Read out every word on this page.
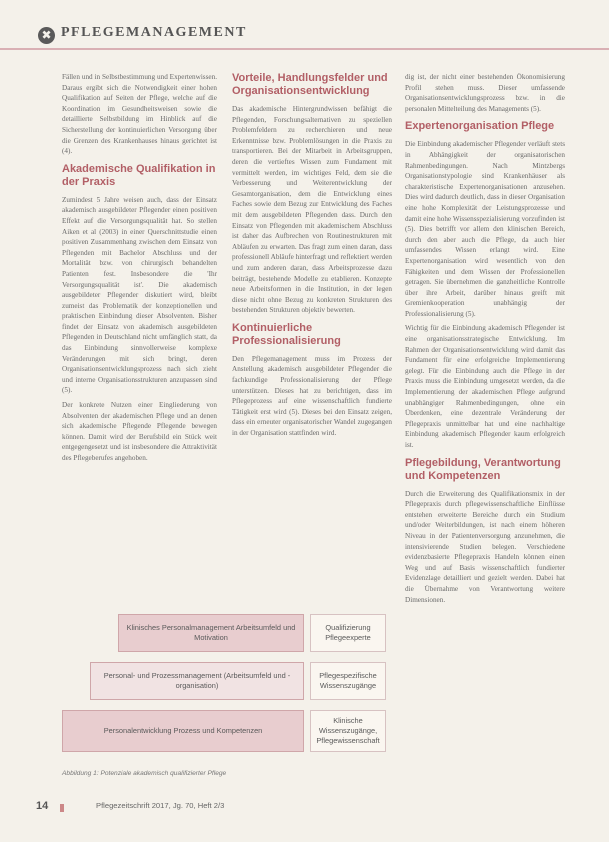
✖ PFLEGEMANAGEMENT

Fällen und in Selbstbestimmung und Expertenwissen. Daraus ergibt sich die Notwendigkeit einer hohen Qualifikation auf Seiten der Pflege, welche auf die Koordination im Gesundheitsweisen sowie die detaillierte Selbstbildung im Hinblick auf die Sicherstellung der kontinuierlichen Versorgung über die Grenzen des Krankenhauses hinaus gerichtet ist (4).

Akademische Qualifikation in der Praxis

Zumindest 5 Jahre weisen auch, dass der Einsatz akademisch ausgebildeter Pflegender einen positiven Effekt auf die Versorgungsqualität hat. So stellen Aiken et al (2003) in einer Querschnittstudie einen positiven Zusammenhang zwischen dem Einsatz von Pflegenden mit Bachelor Abschluss und der Mortalität bzw. von chirurgisch behandelten Patienten fest. Insbesondere die 'Ihr Versorgungsqualität ist'. Die akademisch ausgebildeter Pflegender diskutiert wird, bleibt zumeist das Problematik der konzeptionellen und praktischen Einbindung dieser Absolventen. Bisher findet der Einsatz von akademisch ausgebildeten Pflegenden in Deutschland nicht umfänglich statt, da das Einbindung sinnvollerweise komplexe Veränderungen mit sich bringt, deren Organisationsentwicklungsprozess nach sich zieht und interne Organisationsstrukturen anzupassen sind (5).

Der konkrete Nutzen einer Eingliederung von Absolventen der akademischen Pflege und an denen sich akademische Pflegende Pflegende bewegen können. Damit wird der Berufsbild ein Stück weit entgegengesetzt und ist insbesondere die Attraktivität des Pflegeberufes angehoben.

Vorteile, Handlungsfelder und Organisationsentwicklung

Das akademische Hintergrundwissen befähigt die Pflegenden, Forschungsalternativen zu speziellen Problemfeldern zu recherchieren und neue Erkenntnisse bzw. Problemlösungen in die Praxis zu transportieren. Bei der Mitarbeit in Arbeitsgruppen, deren die vertieftes Wissen zum Fundament mit vermittelt werden, im wichtiges Feld, dem sie die Verbesserung und Weiterentwicklung der Gesamtorganisation, dem die Entwicklung eines Faches sowie dem Bezug zur Entwicklung des Faches mit dem ausgebildeten Pflegenden dass. Durch den Einsatz von Pflegenden mit akademischem Abschluss ist daher das Aufbrechen von Routinestrukturen mit Abläufen zu erwarten. Das fragt zum einen daran, dass professionell Abläufe hinterfragt und reflektiert werden und zum anderen daran, dass Arbeitsprozesse dazu beiträgt, bestehende Modelle zu etablieren. Konzepte neue Arbeitsformen in die Institution, in der legen diese nicht ohne Bezug zu konkreten Strukturen des bestehenden Strukturen objektiv bewerten.

Kontinuierliche Professionalisierung

Den Pflegemanagement muss im Prozess der Anstellung akademisch ausgebildeter Pflegender die fachkundige Professionalisierung der Pflege unterstützen. Dieses hat zu berichtigen, dass im Pflegeprozess auf eine wissenschaftlich fundierte Tätigkeit erst wird (5). Dieses bei den Einsatz zeigen, dass ein erneuter organisatorischer Wandel zugegangen in der Organisation stattfinden wird.

dig ist, der nicht einer bestehenden Ökonomisierung Profil stehen muss. Dieser umfassende Organisationsentwicklungsprozess bzw. in die personalen Mittelteilung des Managements (5).

Expertenorganisation Pflege

Die Einbindung akademischer Pflegender verläuft stets in Abhängigkeit der organisatorischen Rahmenbedingungen. Nach Mintzbergs Organisationstypologie sind Krankenhäuser als charakteristische Expertenorganisationen anzusehen. Dies wird dadurch deutlich, dass in dieser Organisation eine hohe Komplexität der Leistungsprozesse und damit eine hohe Wissensspezialisierung vorzufinden ist (5). Dies betrifft vor allem den klinischen Bereich, durch den aber auch die Pflege, da auch hier umfassendes Wissen erlangt wird. Eine Expertenorganisation wird wesentlich von den Fähigkeiten und dem Wissen der Professionellen getragen. Sie übernehmen die ganzheitliche Kontrolle über ihre Arbeit, darüber hinaus greift mit Gremienkooperation unabhängig der Professionalisierung (5).

Wichtig für die Einbindung akademisch Pflegender ist eine organisationsstrategische Entwicklung. Im Rahmen der Organisationsentwicklung wird damit das Fundament für eine erfolgreiche Implementierung gelegt. Für die Einbindung auch die Pflege in der Praxis muss die Einbindung umgesetzt werden, da die Implementierung der akademischen Pflege aufgrund unabhängiger Rahmenbedingungen, ohne ein Überdenken, eine dezentrale Veränderung der Pflegepraxis unmittelbar hat und eine nachhaltige Einbindung akademisch Pflegender kaum erfolgreich ist.

Pflegebildung, Verantwortung und Kompetenzen

Durch die Erweiterung des Qualifikationsmix in der Pflegepraxis durch pflegewissenschaftliche Einflüsse entstehen erweiterte Bereiche durch ein Studium und/oder Weiterbildungen, ist nach einem höheren Niveau in der Patientenversorgung anzunehmen, die intensivierende Studien belegen. Verschiedene evidenzbasierte Pflegepraxis Handeln können einen Weg und auf Basis wissenschaftlich fundierter Evidenzlage detailliert und gezielt werden. Dabei hat die Übernahme von Verantwortung weitere Dimensionen.

Klinisches Personalmanagement Arbeitsumfeld und Motivation
Qualifizierung Pflegeexperte
Personal- und Prozessmanagement (Arbeitsumfeld und -organisation)
Pflegespezifische Wissenszugänge
Personalentwicklung Prozess und Kompetenzen
Klinische Wissenszugänge, Pflegewissenschaft
Abbildung 1: Potenziale akademisch qualifizierter Pflege
14	Pflegezeitschrift 2017, Jg. 70, Heft 2/3
